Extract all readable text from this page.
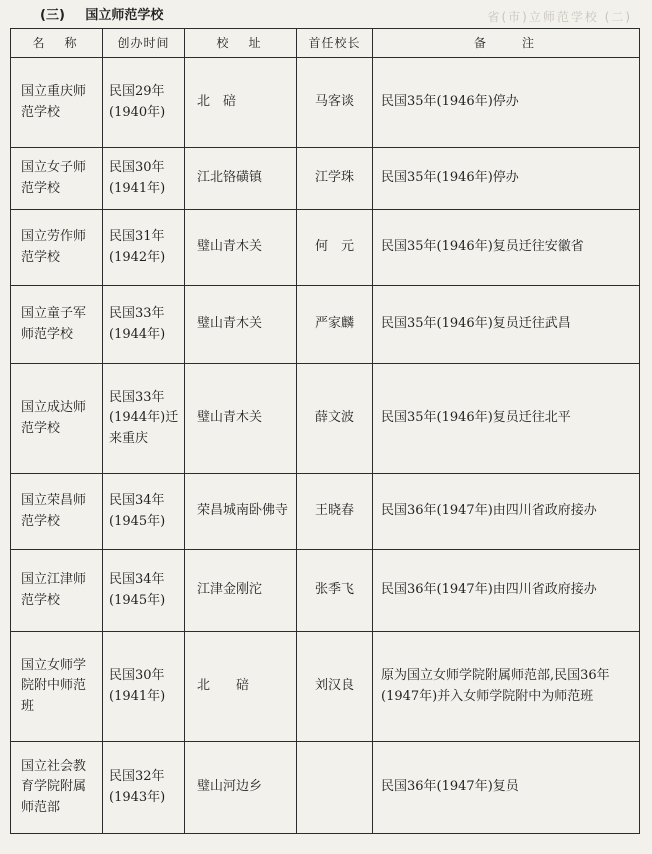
(三) 国立师范学校	省(市)立师范学校 (二)
名　称	创办时间	校　址	首任校长	备　　注
国立重庆师范学校	民国29年(1940年)	北　碚	马客谈	民国35年(1946年)停办
国立女子师范学校	民国30年(1941年)	江北铬磺镇	江学珠	民国35年(1946年)停办
国立劳作师范学校	民国31年(1942年)	璧山青木关	何　元	民国35年(1946年)复员迁往安徽省
国立童子军师范学校	民国33年(1944年)	璧山青木关	严家麟	民国35年(1946年)复员迁往武昌
国立成达师范学校	民国33年(1944年)迁来重庆	璧山青木关	薛文波	民国35年(1946年)复员迁往北平
国立荣昌师范学校	民国34年(1945年)	荣昌城南卧佛寺	王晓春	民国36年(1947年)由四川省政府接办
国立江津师范学校	民国34年(1945年)	江津金刚沱	张季飞	民国36年(1947年)由四川省政府接办
国立女师学院附中师范班	民国30年(1941年)	北　　碚	刘汉良	原为国立女师学院附属师范部,民国36年(1947年)并入女师学院附中为师范班
国立社会教育学院附属师范部	民国32年(1943年)	璧山河边乡		民国36年(1947年)复员
